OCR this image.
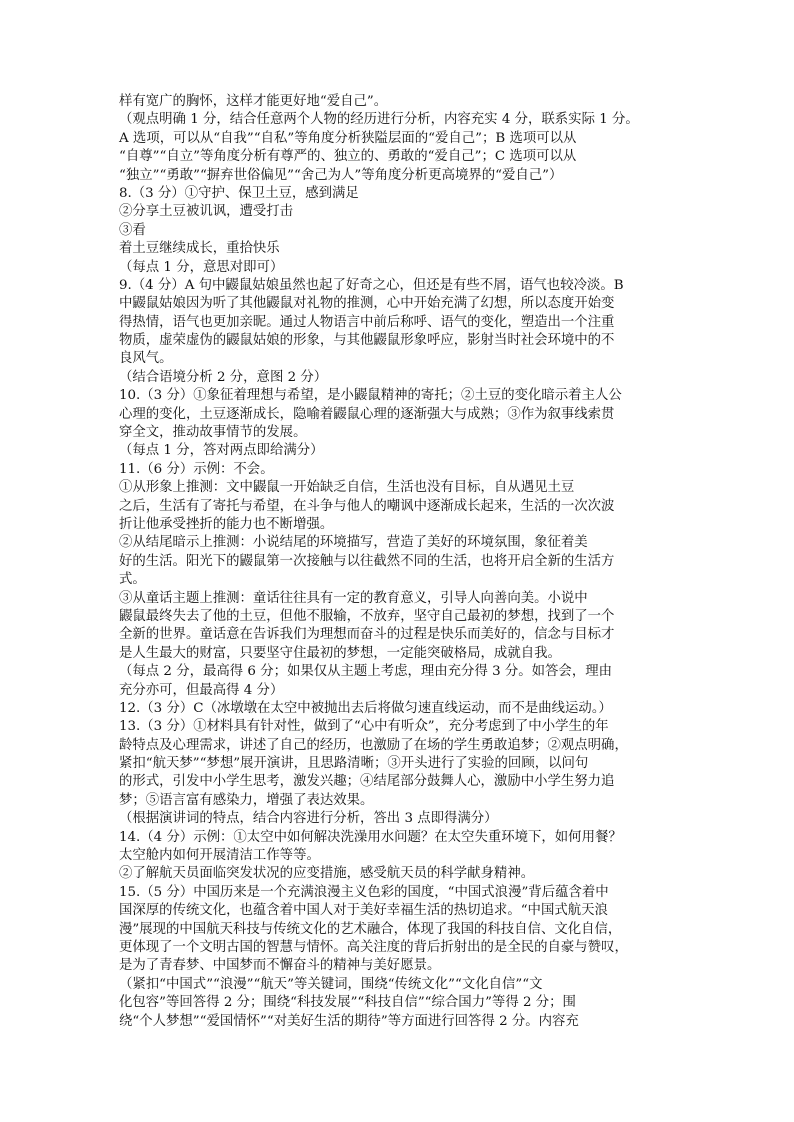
样有宽广的胸怀，这样才能更好地“爱自己”。
（观点明确 1 分，结合任意两个人物的经历进行分析，内容充实 4 分，联系实际 1 分。
A 选项，可以从“自我”“自私”等角度分析狭隘层面的“爱自己”；B 选项可以从
“自尊”“自立”等角度分析有尊严的、独立的、勇敢的“爱自己”；C 选项可以从
“独立”“勇敢”“摒弃世俗偏见”“舍己为人”等角度分析更高境界的“爱自己”）
8.（3 分）①守护、保卫土豆，感到满足
②分享土豆被讥讽，遭受打击
③看
着土豆继续成长，重拾快乐
（每点 1 分，意思对即可）
9.（4 分）A 句中鼹鼠姑娘虽然也起了好奇之心，但还是有些不屑，语气也较冷淡。B
中鼹鼠姑娘因为听了其他鼹鼠对礼物的推测，心中开始充满了幻想，所以态度开始变
得热情，语气也更加亲昵。通过人物语言中前后称呼、语气的变化，塑造出一个注重
物质，虚荣虚伪的鼹鼠姑娘的形象，与其他鼹鼠形象呼应，影射当时社会环境中的不
良风气。
（结合语境分析 2 分，意图 2 分）
10.（3 分）①象征着理想与希望，是小鼹鼠精神的寄托；②土豆的变化暗示着主人公
心理的变化，土豆逐渐成长，隐喻着鼹鼠心理的逐渐强大与成熟；③作为叙事线索贯
穿全文，推动故事情节的发展。
（每点 1 分，答对两点即给满分）
11.（6 分）示例：不会。
①从形象上推测：文中鼹鼠一开始缺乏自信，生活也没有目标，自从遇见土豆
之后，生活有了寄托与希望，在斗争与他人的嘲讽中逐渐成长起来，生活的一次次波
折让他承受挫折的能力也不断增强。
②从结尾暗示上推测：小说结尾的环境描写，营造了美好的环境氛围，象征着美
好的生活。阳光下的鼹鼠第一次接触与以往截然不同的生活，也将开启全新的生活方
式。
③从童话主题上推测：童话往往具有一定的教育意义，引导人向善向美。小说中
鼹鼠最终失去了他的土豆，但他不服输，不放弃，坚守自己最初的梦想，找到了一个
全新的世界。童话意在告诉我们为理想而奋斗的过程是快乐而美好的，信念与目标才
是人生最大的财富，只要坚守住最初的梦想，一定能突破格局，成就自我。
（每点 2 分，最高得 6 分；如果仅从主题上考虑，理由充分得 3 分。如答会，理由
充分亦可，但最高得 4 分）
12.（3 分）C（冰墩墩在太空中被抛出去后将做匀速直线运动，而不是曲线运动。）
13.（3 分）①材料具有针对性，做到了“心中有听众”，充分考虑到了中小学生的年
龄特点及心理需求，讲述了自己的经历，也激励了在场的学生勇敢追梦；②观点明确，
紧扣“航天梦”“梦想”展开演讲，且思路清晰；③开头进行了实验的回顾，以问句
的形式，引发中小学生思考，激发兴趣；④结尾部分鼓舞人心，激励中小学生努力追
梦；⑤语言富有感染力，增强了表达效果。
（根据演讲词的特点，结合内容进行分析，答出 3 点即得满分）
14.（4 分）示例：①太空中如何解决洗澡用水问题？在太空失重环境下，如何用餐？
太空舱内如何开展清洁工作等等。
②了解航天员面临突发状况的应变措施，感受航天员的科学献身精神。
15.（5 分）中国历来是一个充满浪漫主义色彩的国度，“中国式浪漫”背后蕴含着中
国深厚的传统文化，也蕴含着中国人对于美好幸福生活的热切追求。“中国式航天浪
漫”展现的中国航天科技与传统文化的艺术融合，体现了我国的科技自信、文化自信，
更体现了一个文明古国的智慧与情怀。高关注度的背后折射出的是全民的自豪与赞叹，
是为了青春梦、中国梦而不懈奋斗的精神与美好愿景。
（紧扣“中国式”“浪漫”“航天”等关键词，围绕“传统文化”“文化自信”“文
化包容”等回答得 2 分；围绕“科技发展”“科技自信”“综合国力”等得 2 分；围
绕“个人梦想”“爱国情怀”“对美好生活的期待”等方面进行回答得 2 分。内容充
